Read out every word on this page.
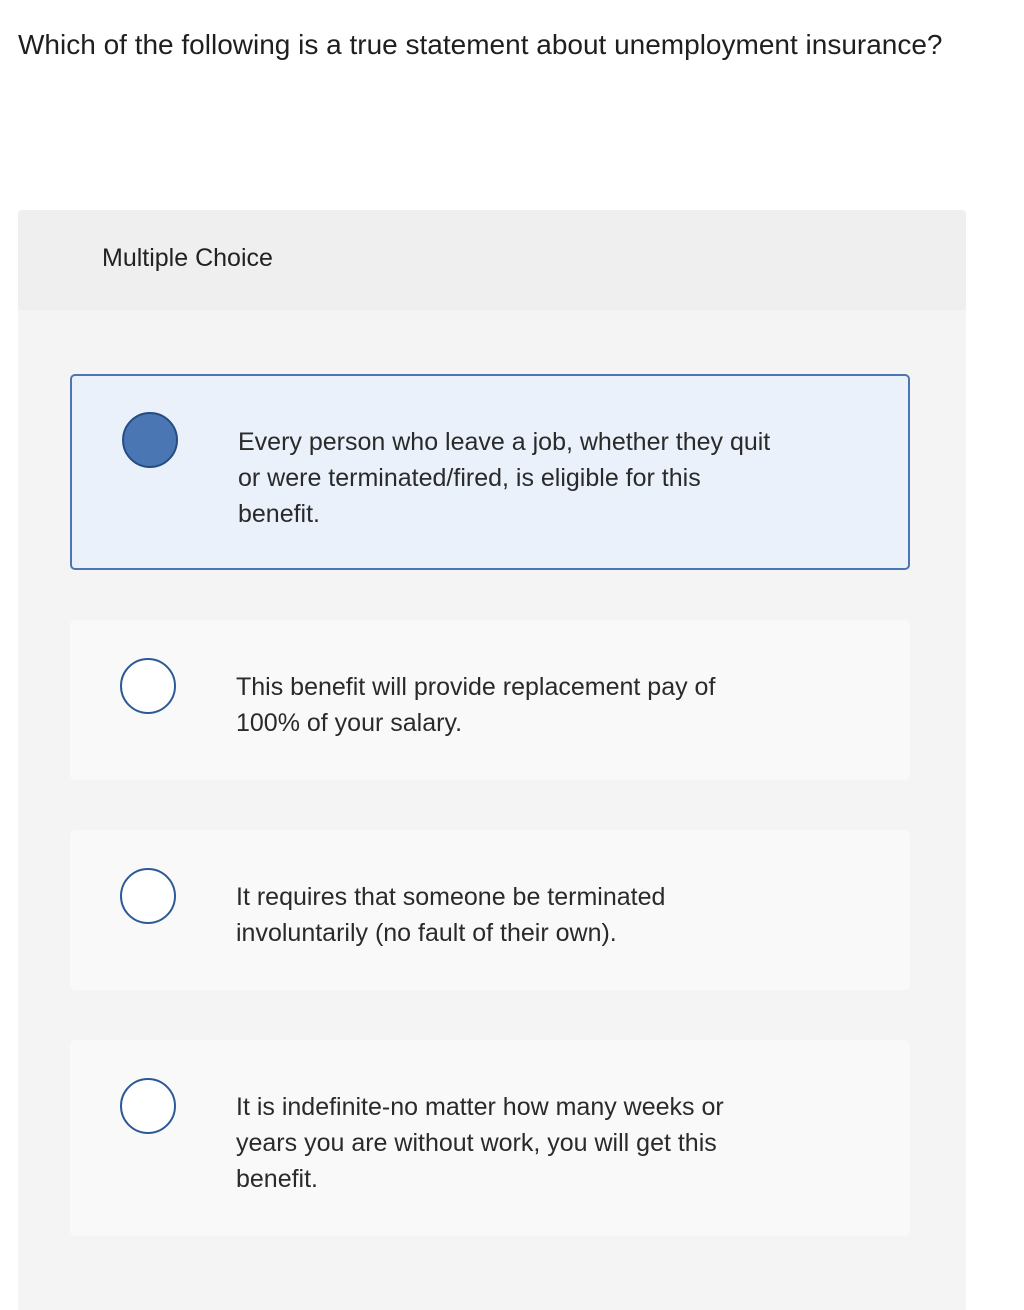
Which of the following is a true statement about unemployment insurance?
Multiple Choice
Every person who leave a job, whether they quit or were terminated/fired, is eligible for this benefit.
This benefit will provide replacement pay of 100% of your salary.
It requires that someone be terminated involuntarily (no fault of their own).
It is indefinite-no matter how many weeks or years you are without work, you will get this benefit.
